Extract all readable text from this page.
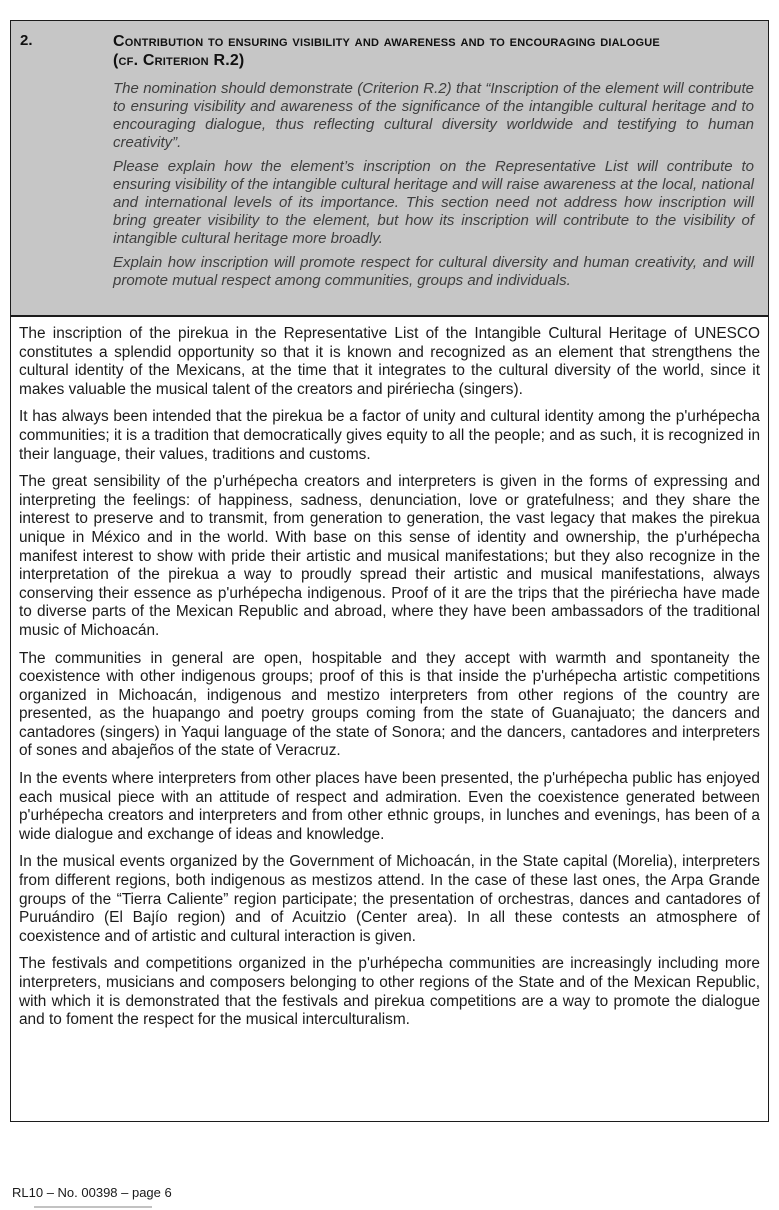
2.	Contribution to ensuring visibility and awareness and to encouraging dialogue
(cf. Criterion R.2)

The nomination should demonstrate (Criterion R.2) that “Inscription of the element will contribute to ensuring visibility and awareness of the significance of the intangible cultural heritage and to encouraging dialogue, thus reflecting cultural diversity worldwide and testifying to human creativity”.

Please explain how the element’s inscription on the Representative List will contribute to ensuring visibility of the intangible cultural heritage and will raise awareness at the local, national and international levels of its importance. This section need not address how inscription will bring greater visibility to the element, but how its inscription will contribute to the visibility of intangible cultural heritage more broadly.

Explain how inscription will promote respect for cultural diversity and human creativity, and will promote mutual respect among communities, groups and individuals.

The inscription of the pirekua in the Representative List of the Intangible Cultural Heritage of UNESCO constitutes a splendid opportunity so that it is known and recognized as an element that strengthens the cultural identity of the Mexicans, at the time that it integrates to the cultural diversity of the world, since it makes valuable the musical talent of the creators and pirériecha (singers).

It has always been intended that the pirekua be a factor of unity and cultural identity among the p'urhépecha communities; it is a tradition that democratically gives equity to all the people; and as such, it is recognized in their language, their values, traditions and customs.

The great sensibility of the p'urhépecha creators and interpreters is given in the forms of expressing and interpreting the feelings: of happiness, sadness, denunciation, love or gratefulness; and they share the interest to preserve and to transmit, from generation to generation, the vast legacy that makes the pirekua unique in México and in the world. With base on this sense of identity and ownership, the p'urhépecha manifest interest to show with pride their artistic and musical manifestations; but they also recognize in the interpretation of the pirekua a way to proudly spread their artistic and musical manifestations, always conserving their essence as p'urhépecha indigenous. Proof of it are the trips that the pirériecha have made to diverse parts of the Mexican Republic and abroad, where they have been ambassadors of the traditional music of Michoacán.

The communities in general are open, hospitable and they accept with warmth and spontaneity the coexistence with other indigenous groups; proof of this is that inside the p'urhépecha artistic competitions organized in Michoacán, indigenous and mestizo interpreters from other regions of the country are presented, as the huapango and poetry groups coming from the state of Guanajuato; the dancers and cantadores (singers) in Yaqui language of the state of Sonora; and the dancers, cantadores and interpreters of sones and abajeños of the state of Veracruz.

In the events where interpreters from other places have been presented, the p'urhépecha public has enjoyed each musical piece with an attitude of respect and admiration. Even the coexistence generated between p'urhépecha creators and interpreters and from other ethnic groups, in lunches and evenings, has been of a wide dialogue and exchange of ideas and knowledge.

In the musical events organized by the Government of Michoacán, in the State capital (Morelia), interpreters from different regions, both indigenous as mestizos attend. In the case of these last ones, the Arpa Grande groups of the “Tierra Caliente” region participate; the presentation of orchestras, dances and cantadores of Puruándiro (El Bajío region) and of Acuitzio (Center area). In all these contests an atmosphere of coexistence and of artistic and cultural interaction is given.

The festivals and competitions organized in the p'urhépecha communities are increasingly including more interpreters, musicians and composers belonging to other regions of the State and of the Mexican Republic, with which it is demonstrated that the festivals and pirekua competitions are a way to promote the dialogue and to foment the respect for the musical interculturalism.

RL10 – No. 00398 – page 6
